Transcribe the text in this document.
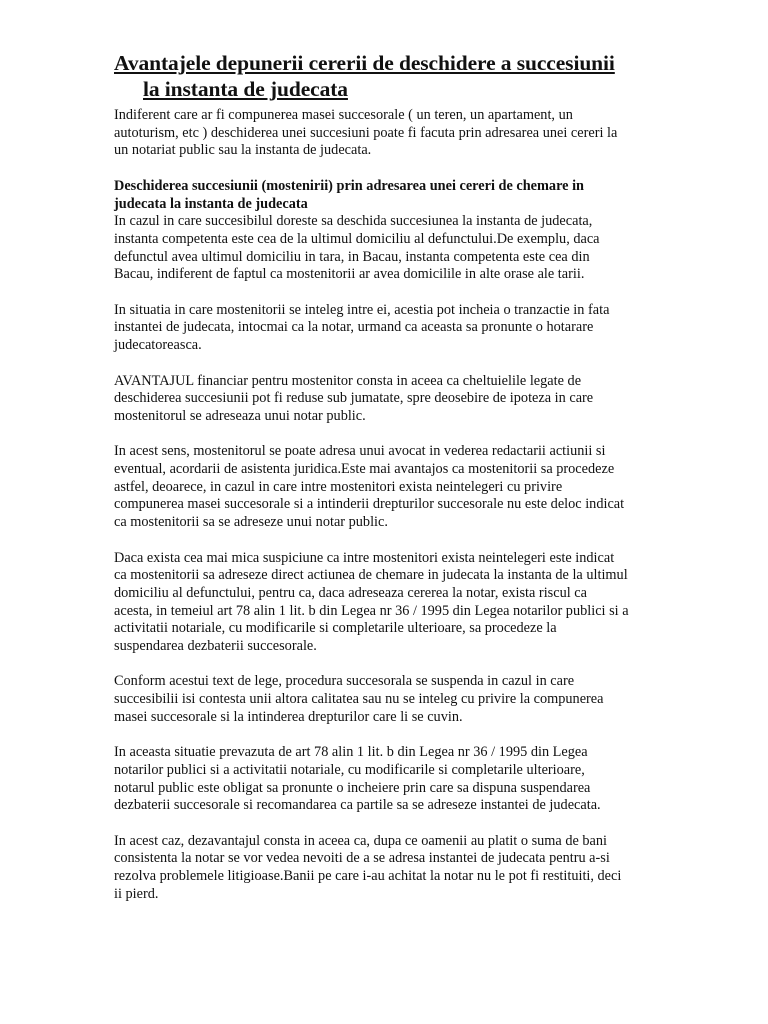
Avantajele depunerii cererii de deschidere a succesiunii
la instanta de judecata
Indiferent care ar fi compunerea masei succesorale ( un teren, un apartament, un
autoturism, etc ) deschiderea unei succesiuni poate fi facuta prin adresarea unei cereri la
un notariat public sau la instanta de judecata.
Deschiderea succesiunii (mostenirii) prin adresarea unei cereri de chemare in
judecata la instanta de judecata
In cazul in care succesibilul doreste sa deschida succesiunea la instanta de judecata,
instanta competenta este cea de la ultimul domiciliu al defunctului.De exemplu, daca
defunctul avea ultimul domiciliu in tara, in Bacau, instanta competenta este cea din
Bacau, indiferent de faptul ca mostenitorii ar avea domicilile in alte orase ale tarii.
In situatia in care mostenitorii se inteleg intre ei, acestia pot incheia o tranzactie in fata
instantei de judecata, intocmai ca la notar, urmand ca aceasta sa pronunte o hotarare
judecatoreasca.
AVANTAJUL financiar pentru mostenitor consta in aceea ca cheltuielile legate de
deschiderea succesiunii pot fi reduse sub jumatate, spre deosebire de ipoteza in care
mostenitorul se adreseaza unui notar public.
In acest sens, mostenitorul se poate adresa unui avocat in vederea redactarii actiunii si
eventual, acordarii de asistenta juridica.Este mai avantajos ca mostenitorii sa procedeze
astfel, deoarece, in cazul in care intre mostenitori exista neintelegeri cu privire
compunerea masei succesorale si a intinderii drepturilor succesorale nu este deloc indicat
ca mostenitorii sa se adreseze unui notar public.
Daca exista cea mai mica suspiciune ca intre mostenitori exista neintelegeri este indicat
ca mostenitorii sa adreseze direct actiunea de chemare in judecata la instanta de la ultimul
domiciliu al defunctului, pentru ca, daca adreseaza cererea la notar, exista riscul ca
acesta, in temeiul art 78 alin 1 lit. b din Legea nr 36 / 1995 din Legea notarilor publici si a
activitatii notariale, cu modificarile si completarile ulterioare, sa procedeze la
suspendarea dezbaterii succesorale.
Conform acestui text de lege, procedura succesorala se suspenda in cazul in care
succesibilii isi contesta unii altora calitatea sau nu se inteleg cu privire la compunerea
masei succesorale si la intinderea drepturilor care li se cuvin.
In aceasta situatie prevazuta de art 78 alin 1 lit. b din Legea nr 36 / 1995 din Legea
notarilor publici si a activitatii notariale, cu modificarile si completarile ulterioare,
notarul public este obligat sa pronunte o incheiere prin care sa dispuna suspendarea
dezbaterii succesorale si recomandarea ca partile sa se adreseze instantei de judecata.
In acest caz, dezavantajul consta in aceea ca, dupa ce oamenii au platit o suma de bani
consistenta la notar se vor vedea nevoiti de a se adresa instantei de judecata pentru a-si
rezolva problemele litigioase.Banii pe care i-au achitat la notar nu le pot fi restituiti, deci
ii pierd.
